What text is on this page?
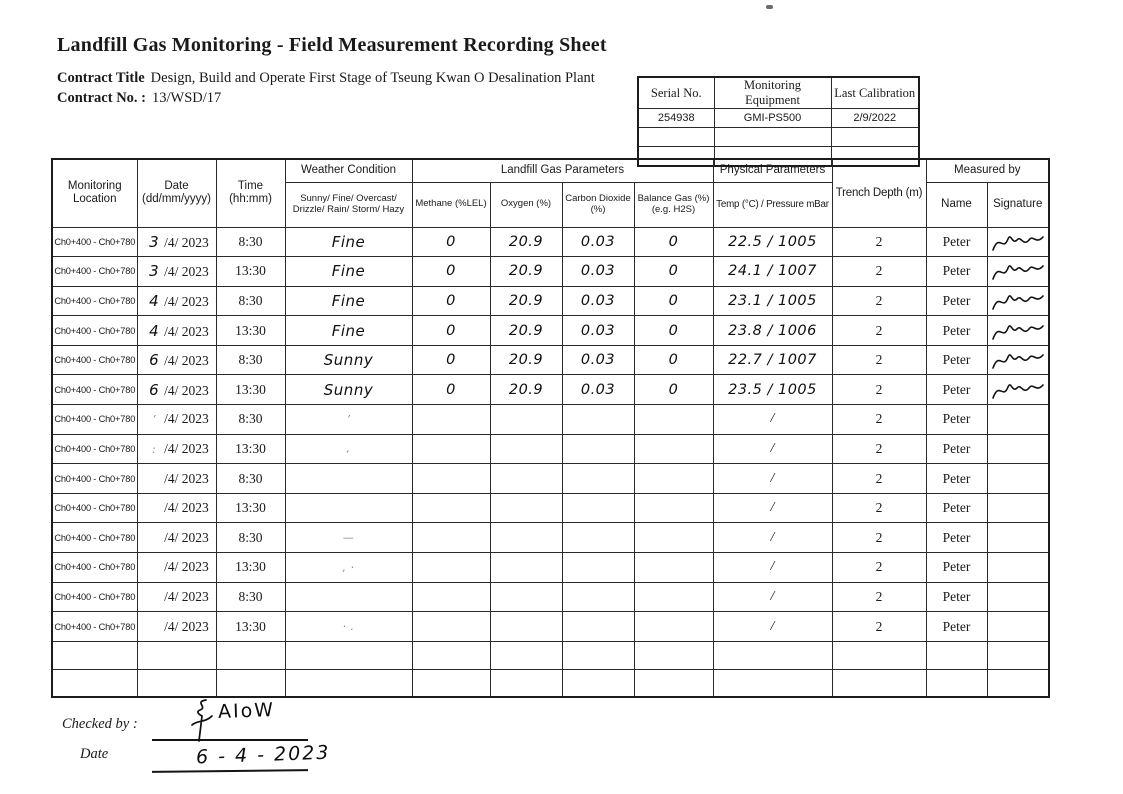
Landfill Gas Monitoring - Field Measurement Recording Sheet
Contract Title Design, Build and Operate First Stage of Tseung Kwan O Desalination Plant
Contract No. : 13/WSD/17	Serial No.	Monitoring Equipment	Last Calibration
254938	GMI-PS500	2/9/2022

Monitoring Location	Date (dd/mm/yyyy)	Time (hh:mm)	Weather Condition	Landfill Gas Parameters				Physical Parameters	Trench Depth (m)	Measured by	
			Sunny/ Fine/ Overcast/ Drizzle/ Rain/ Storm/ Hazy	Methane (%LEL)	Oxygen (%)	Carbon Dioxide (%)	Balance Gas (%) (e.g. H2S)	Temp (°C) / Pressure mBar		Name	Signature
Ch0+400 - Ch0+780	3 /4/ 2023	8:30	Fine	0	20.9	0.03	0	22.5 / 1005	2	Peter	

Ch0+400 - Ch0+780	3 /4/ 2023	13:30	Fine	0	20.9	0.03	0	24.1 / 1007	2	Peter	

Ch0+400 - Ch0+780	4 /4/ 2023	8:30	Fine	0	20.9	0.03	0	23.1 / 1005	2	Peter	

Ch0+400 - Ch0+780	4 /4/ 2023	13:30	Fine	0	20.9	0.03	0	23.8 / 1006	2	Peter	

Ch0+400 - Ch0+780	6 /4/ 2023	8:30	Sunny	0	20.9	0.03	0	22.7 / 1007	2	Peter	

Ch0+400 - Ch0+780	6 /4/ 2023	13:30	Sunny	0	20.9	0.03	0	23.5 / 1005	2	Peter	

Ch0+400 - Ch0+780	’ /4/ 2023	8:30	’					/	2	Peter	
Ch0+400 - Ch0+780	: /4/ 2023	13:30	,					/	2	Peter	
Ch0+400 - Ch0+780	/4/ 2023	8:30						/	2	Peter	
Ch0+400 - Ch0+780	/4/ 2023	13:30						/	2	Peter	
Ch0+400 - Ch0+780	/4/ 2023	8:30	—					/	2	Peter	
Ch0+400 - Ch0+780	/4/ 2023	13:30	‚ ·					/	2	Peter	
Ch0+400 - Ch0+780	/4/ 2023	8:30						/	2	Peter	
Ch0+400 - Ch0+780	/4/ 2023	13:30	· .					/	2	Peter	

Checked by :
AIoW
Date	6 - 4 - 2023
